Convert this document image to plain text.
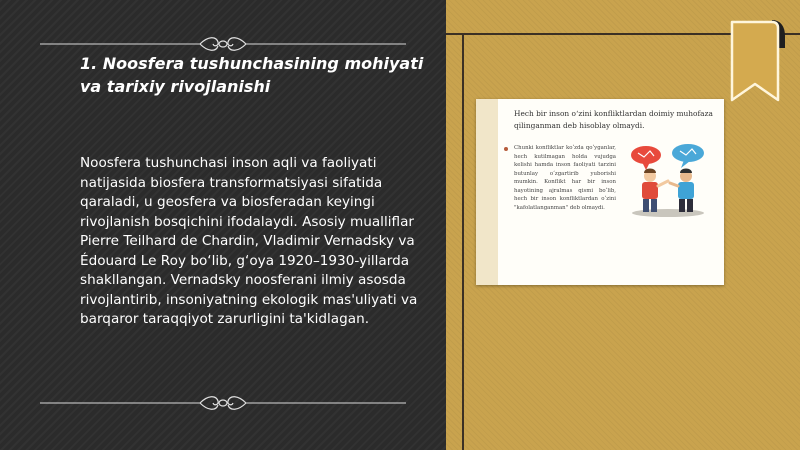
1. Noosfera tushunchasining mohiyati va tarixiy rivojlanishi

Noosfera tushunchasi inson aqli va faoliyati natijasida biosfera transformatsiyasi sifatida qaraladi, u geosfera va biosferadan keyingi rivojlanish bosqichini ifodalaydi. Asosiy mualliflar Pierre Teilhard de Chardin, Vladimir Vernadsky va Édouard Le Roy bo‘lib, g‘oya 1920–1930-yillarda shakllangan. Vernadsky noosferani ilmiy asosda rivojlantirib, insoniyatning ekologik mas'uliyati va barqaror taraqqiyot zarurligini ta'kidlagan.

Hech bir inson o‘zini konfliktlardan doimiy muhofaza qilinganman deb hisoblay olmaydi.

Chunki konfliktlar ko‘zda qo‘yganlar, hech kutilmagan holda vujudga kelishi hamda inson faoliyati tarzini butunlay o‘zgartirib yuborishi mumkin. Konflikt har bir inson hayotining ajralmas qismi bo‘lib, hech bir inson konfliktlardan o‘zini "kafolatlanganman" deb olmaydi.
